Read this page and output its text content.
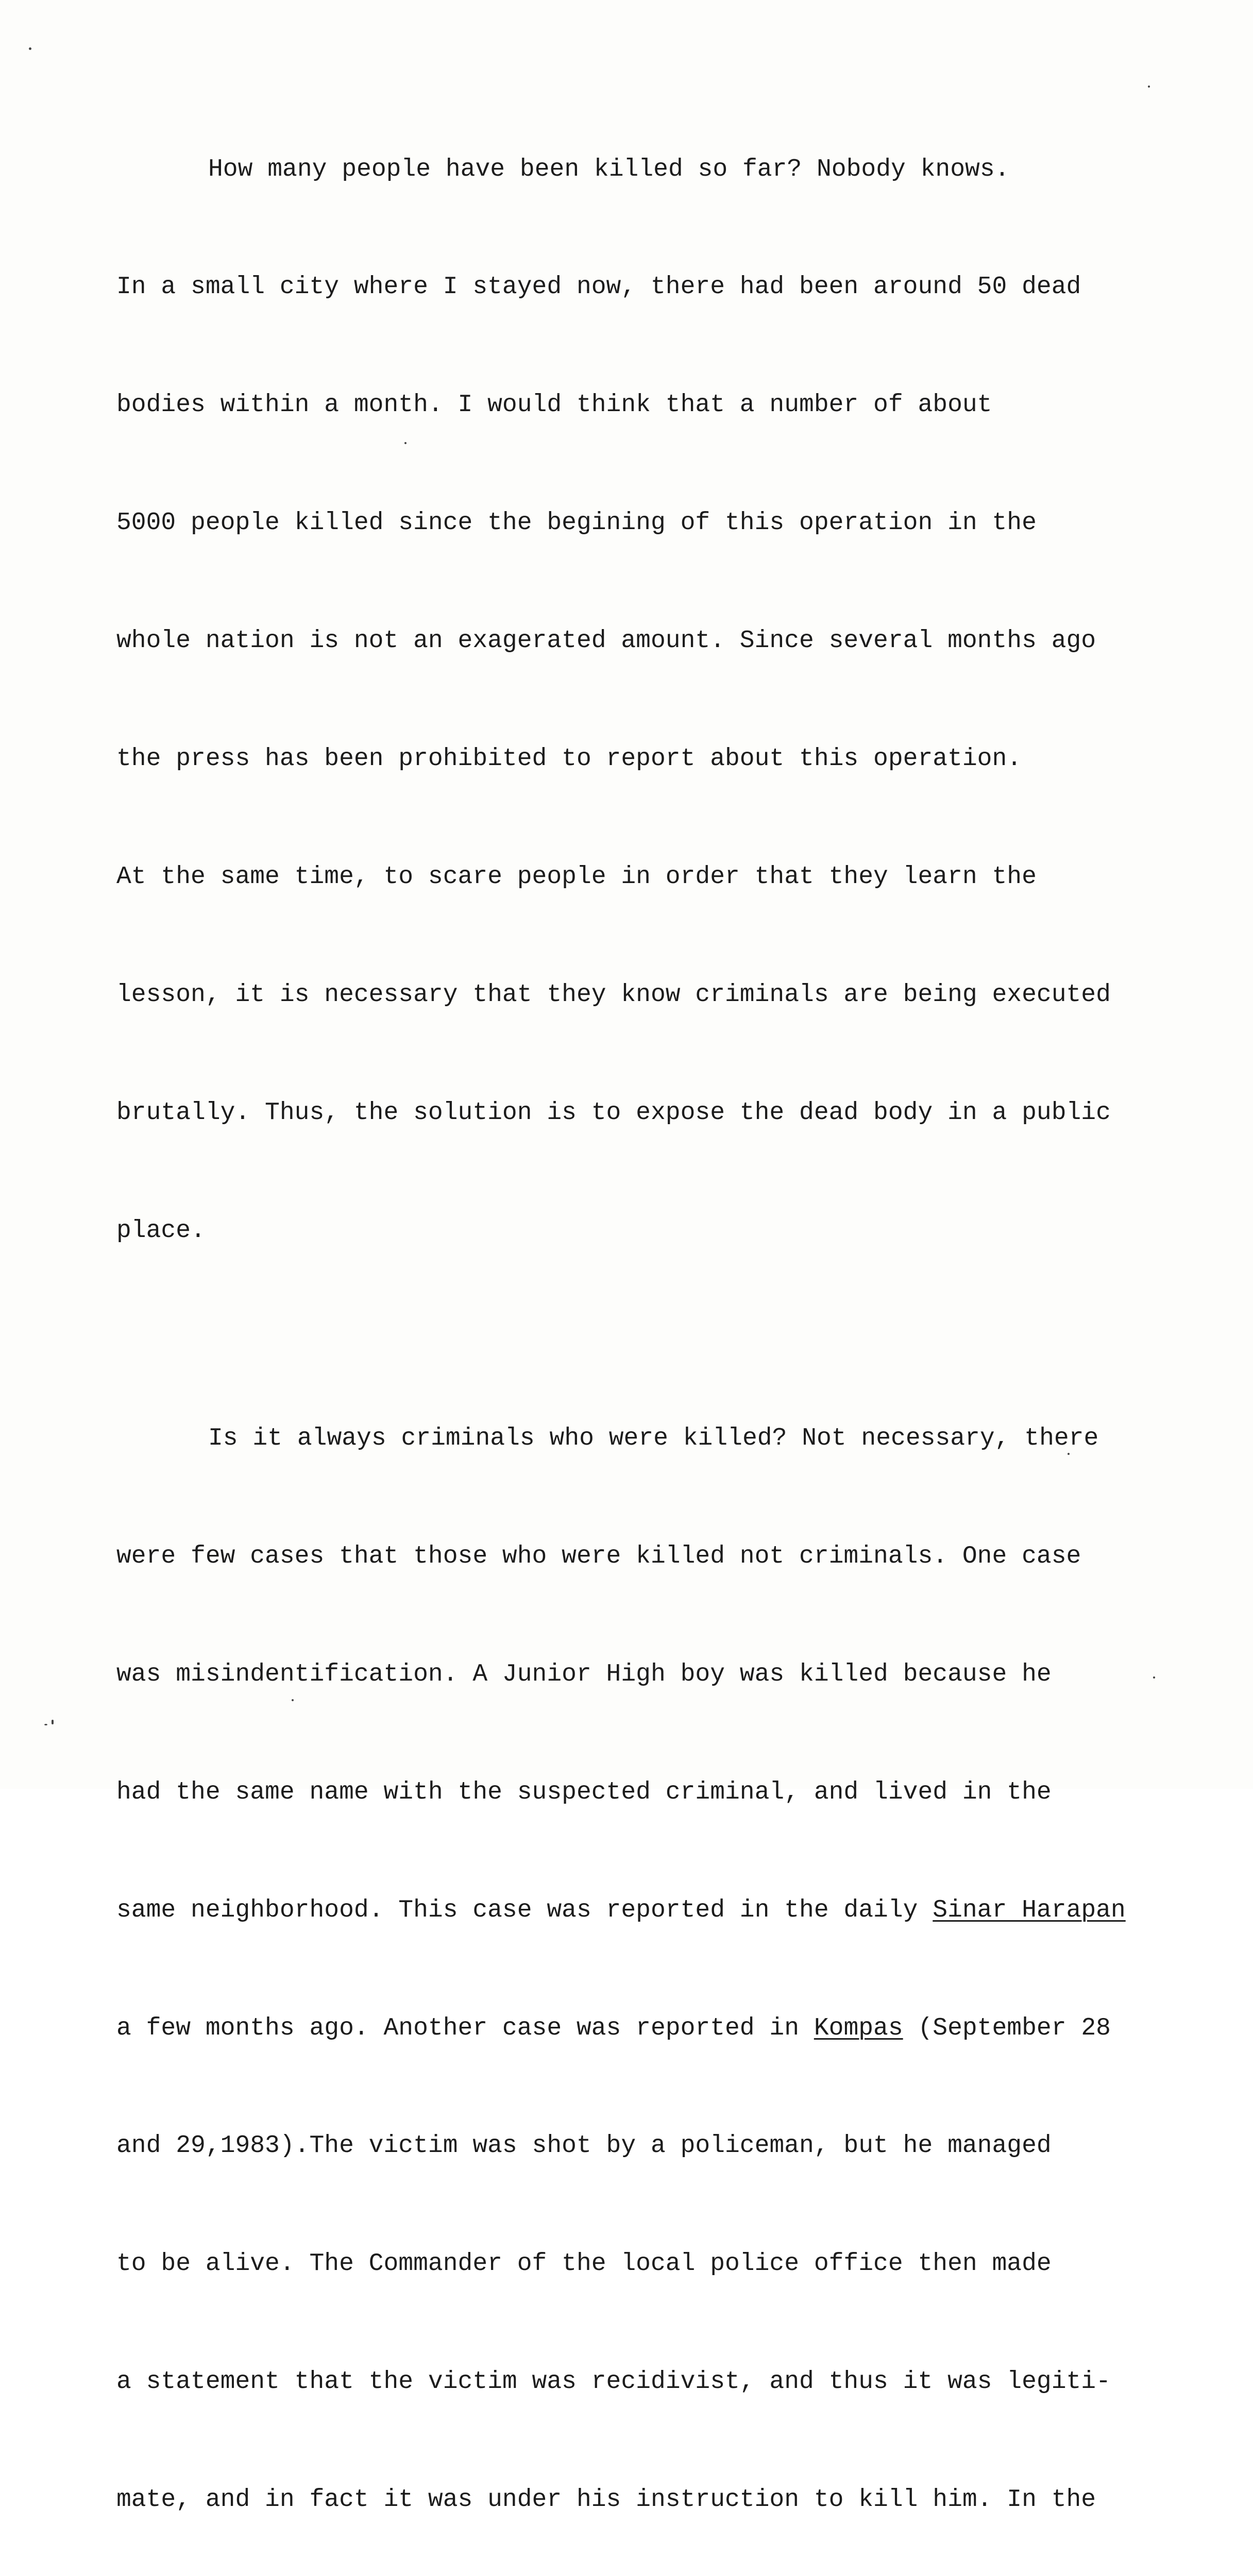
How many people have been killed so far? Nobody knows.

In a small city where I stayed now, there had been around 50 dead

bodies within a month. I would think that a number of about

5000 people killed since the begining of this operation in the

whole nation is not an exagerated amount. Since several months ago

the press has been prohibited to report about this operation.

At the same time, to scare people in order that they learn the

lesson, it is necessary that they know criminals are being executed

brutally. Thus, the solution is to expose the dead body in a public

place.

Is it always criminals who were killed? Not necessary, there

were few cases that those who were killed not criminals. One case

was misindentification. A Junior High boy was killed because he

had the same name with the suspected criminal, and lived in the

same neighborhood. This case was reported in the daily Sinar Harapan

a few months ago. Another case was reported in Kompas (September 28

and 29,1983).The victim was shot by a policeman, but he managed

to be alive. The Commander of the local police office then made

a statement that the victim was recidivist, and thus it was legiti-

mate, and in fact it was under his instruction to kill him. In the
